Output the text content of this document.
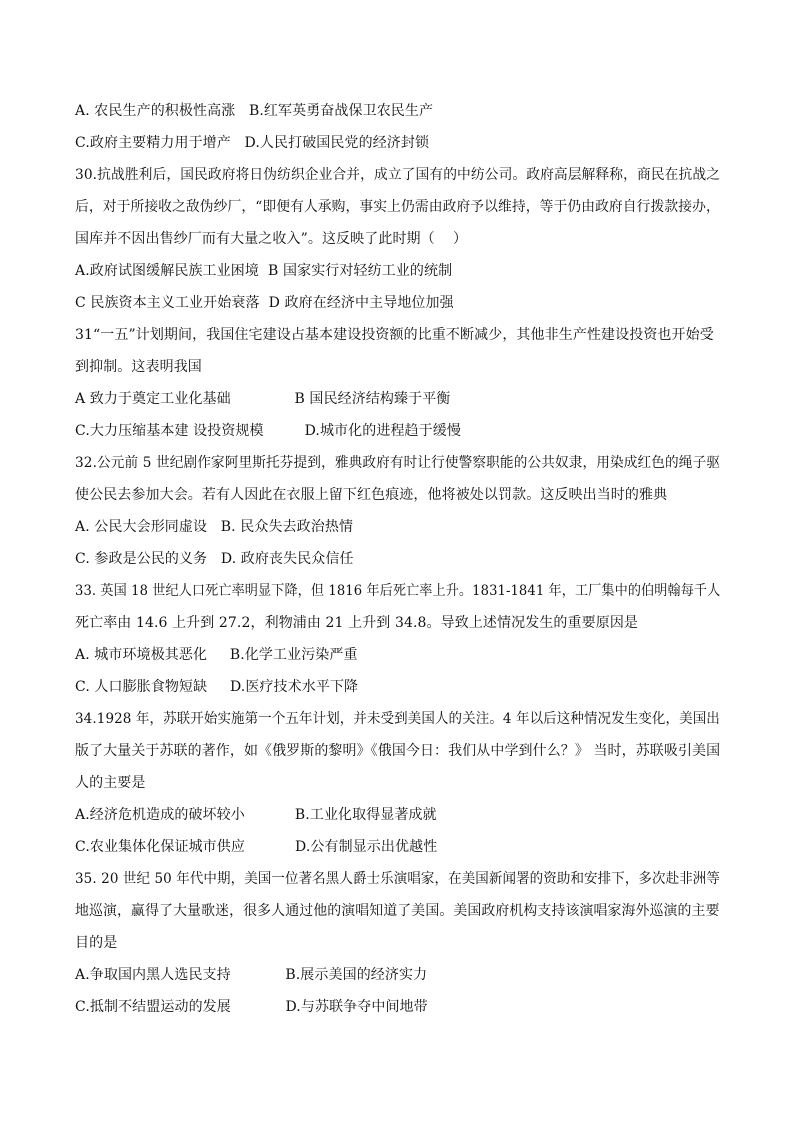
A. 农民生产的积极性高涨   B.红军英勇奋战保卫农民生产
C.政府主要精力用于增产   D.人民打破国民党的经济封锁
30.抗战胜利后，国民政府将日伪纺织企业合并，成立了国有的中纺公司。政府高层解释称，商民在抗战之
后，对于所接收之敌伪纱厂，“即便有人承购，事实上仍需由政府予以维持，等于仍由政府自行拨款接办，
国库并不因出售纱厂而有大量之收入”。这反映了此时期（    ）
A.政府试图缓解民族工业困境  B 国家实行对轻纺工业的统制
C 民族资本主义工业开始衰落  D 政府在经济中主导地位加强
31“一五”计划期间，我国住宅建设占基本建设投资额的比重不断减少，其他非生产性建设投资也开始受
到抑制。这表明我国
A 致力于奠定工业化基础              B 国民经济结构臻于平衡
C.大力压缩基本建 设投资规模         D.城市化的进程趋于缓慢
32.公元前 5 世纪剧作家阿里斯托芬提到，雅典政府有时让行使警察职能的公共奴隶，用染成红色的绳子驱
使公民去参加大会。若有人因此在衣服上留下红色痕迹，他将被处以罚款。这反映出当时的雅典
A. 公民大会形同虚设   B. 民众失去政治热情
C. 参政是公民的义务   D. 政府丧失民众信任
33. 英国 18 世纪人口死亡率明显下降，但 1816 年后死亡率上升。1831-1841 年，工厂集中的伯明翰每千人
死亡率由 14.6 上升到 27.2，利物浦由 21 上升到 34.8。导致上述情况发生的重要原因是
A. 城市环境极其恶化     B.化学工业污染严重
C. 人口膨胀食物短缺     D.医疗技术水平下降
34.1928 年，苏联开始实施第一个五年计划，并未受到美国人的关注。4 年以后这种情况发生变化，美国出
版了大量关于苏联的著作，如《俄罗斯的黎明》《俄国今日：我们从中学到什么？》 当时，苏联吸引美国
人的主要是
A.经济危机造成的破坏较小           B.工业化取得显著成就
C.农业集体化保证城市供应           D.公有制显示出优越性
35. 20 世纪 50 年代中期，美国一位著名黑人爵士乐演唱家，在美国新闻署的资助和安排下，多次赴非洲等
地巡演，赢得了大量歌迷，很多人通过他的演唱知道了美国。美国政府机构支持该演唱家海外巡演的主要
目的是
A.争取国内黑人选民支持            B.展示美国的经济实力
C.抵制不结盟运动的发展            D.与苏联争夺中间地带
